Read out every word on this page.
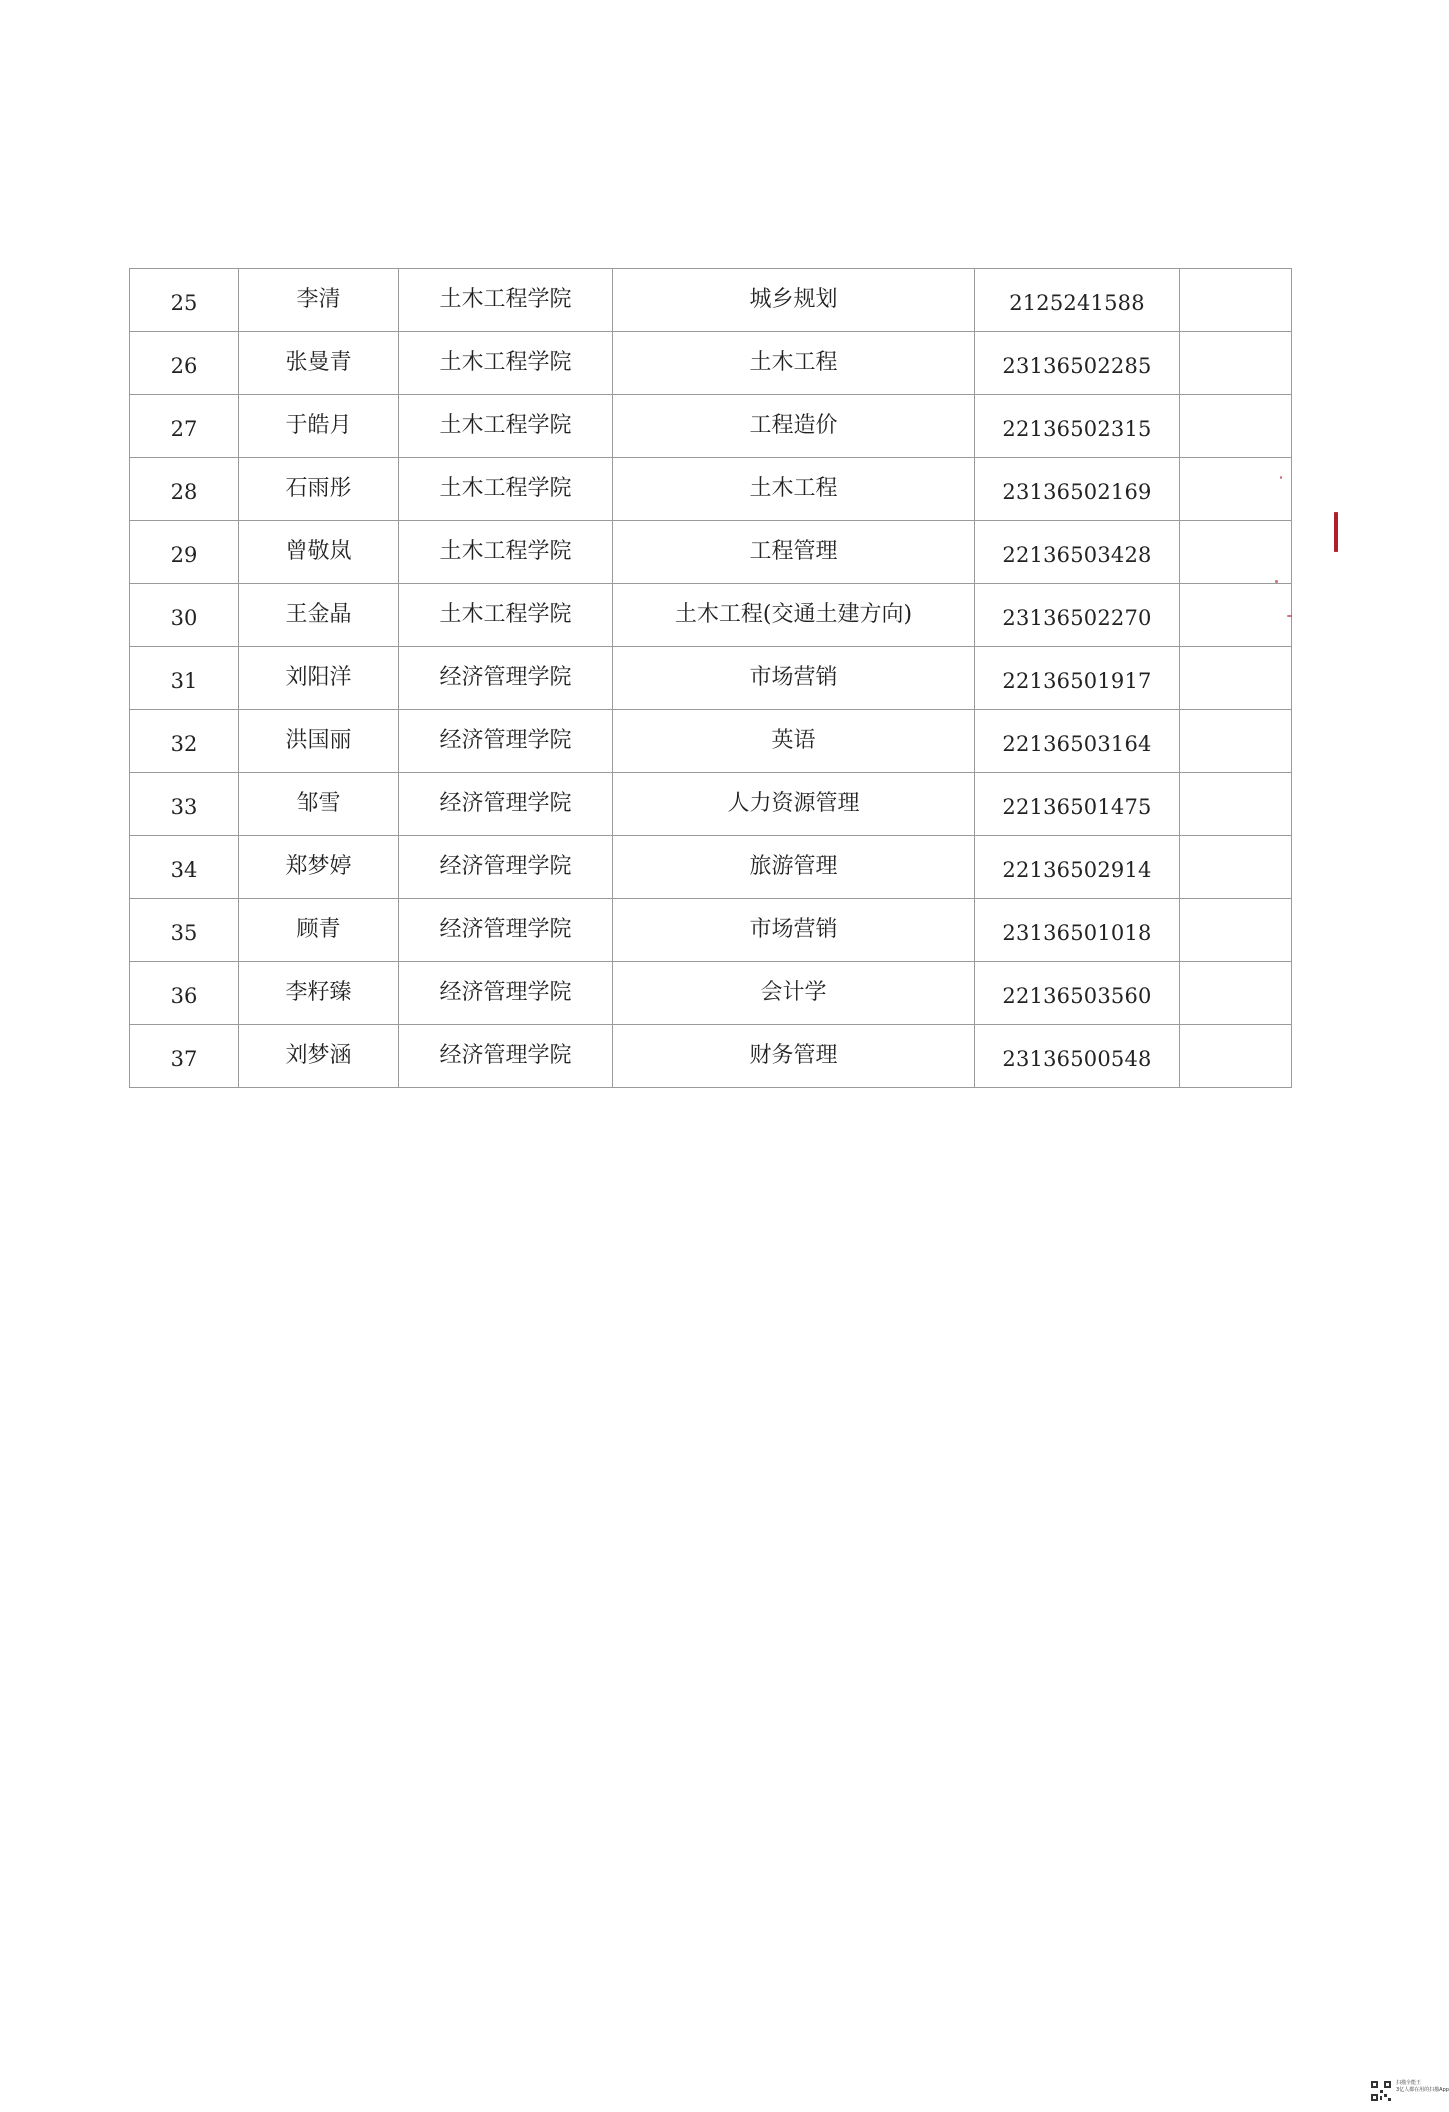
25	李清	土木工程学院	城乡规划	2125241588	
26	张曼青	土木工程学院	土木工程	23136502285	
27	于皓月	土木工程学院	工程造价	22136502315	
28	石雨彤	土木工程学院	土木工程	23136502169	
29	曾敬岚	土木工程学院	工程管理	22136503428	
30	王金晶	土木工程学院	土木工程(交通土建方向)	23136502270	
31	刘阳洋	经济管理学院	市场营销	22136501917	
32	洪国丽	经济管理学院	英语	22136503164	
33	邹雪	经济管理学院	人力资源管理	22136501475	
34	郑梦婷	经济管理学院	旅游管理	22136502914	
35	顾青	经济管理学院	市场营销	23136501018	
36	李籽臻	经济管理学院	会计学	22136503560	
37	刘梦涵	经济管理学院	财务管理	23136500548	
扫描全能王
3亿人都在用的扫描App
